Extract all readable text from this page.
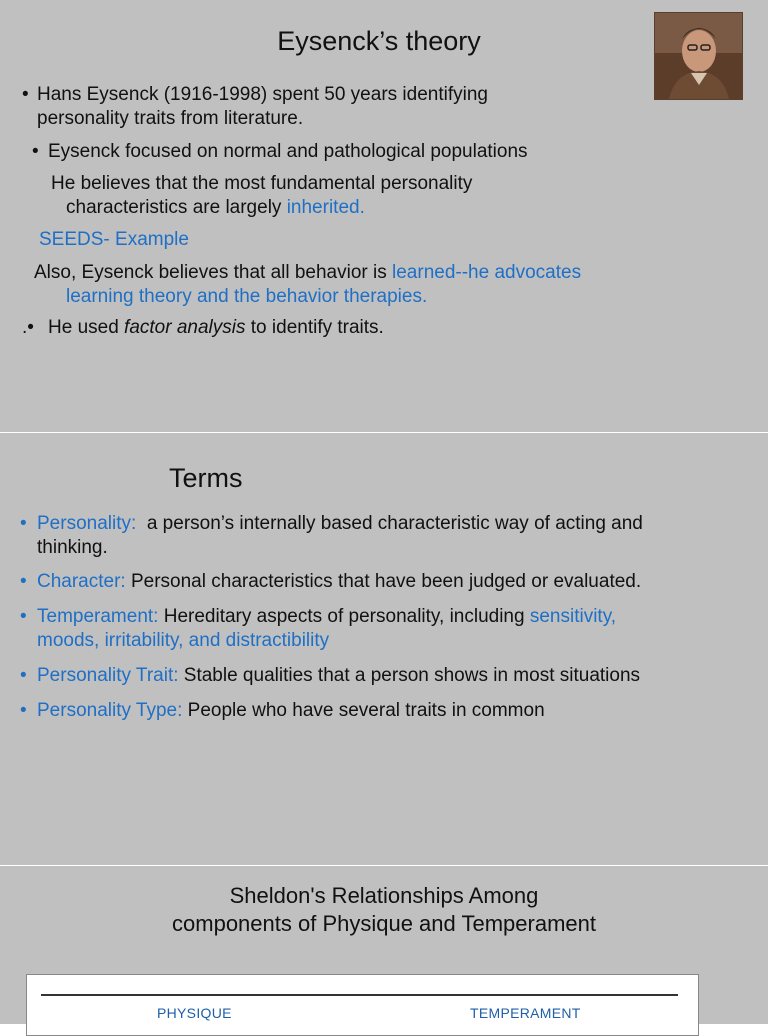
Eysenck’s theory
• Hans Eysenck (1916-1998) spent 50 years identifying
personality traits from literature.
• Eysenck focused on normal and pathological populations
He believes that the most fundamental personality
characteristics are largely inherited.
SEEDS- Example
Also, Eysenck believes that all behavior is learned--he advocates
learning theory and the behavior therapies.
.• He used factor analysis to identify traits.
Terms
• Personality:  a person’s internally based characteristic way of acting and
thinking.
• Character: Personal characteristics that have been judged or evaluated.
• Temperament: Hereditary aspects of personality, including sensitivity,
moods, irritability, and distractibility
• Personality Trait: Stable qualities that a person shows in most situations
• Personality Type: People who have several traits in common
Sheldon's Relationships Among
components of Physique and Temperament
PHYSIQUE	TEMPERAMENT
